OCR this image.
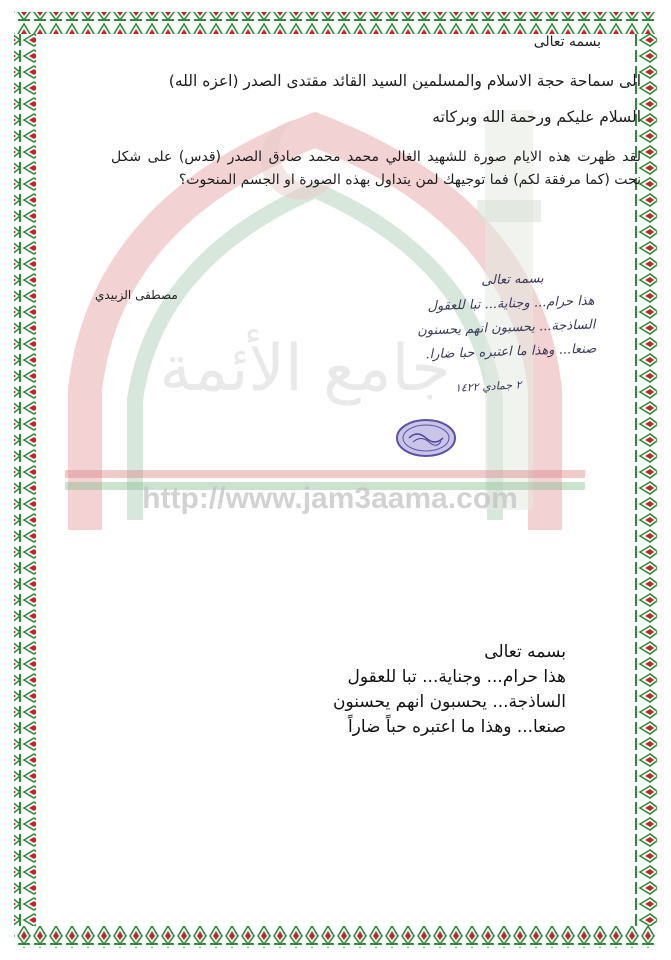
http://www.jam3aama.com
جامع الأئمة

بسمه تعالى

الى سماحة حجة الاسلام والمسلمين السيد القائد مقتدى الصدر (اعزه الله)

السلام عليكم ورحمة الله وبركاته

لقد ظهرت هذه الايام صورة للشهيد الغالي محمد محمد صادق الصدر (قدس) على شكل نحت (كما مرفقة لكم) فما توجيهك لمن يتداول بهذه الصورة او الجسم المنحوت؟

مصطفى الزبيدي
بسمه تعالى
هذا حرام... وجناية... تبا للعقول
الساذجة... يحسبون انهم يحسنون
صنعا... وهذا ما اعتبره حبا ضارا.
٢ جمادي ١٤٢٢
بسمه تعالى
هذا حرام... وجناية... تبا للعقول
الساذجة... يحسبون انهم يحسنون
صنعا... وهذا ما اعتبره حباً ضاراً
